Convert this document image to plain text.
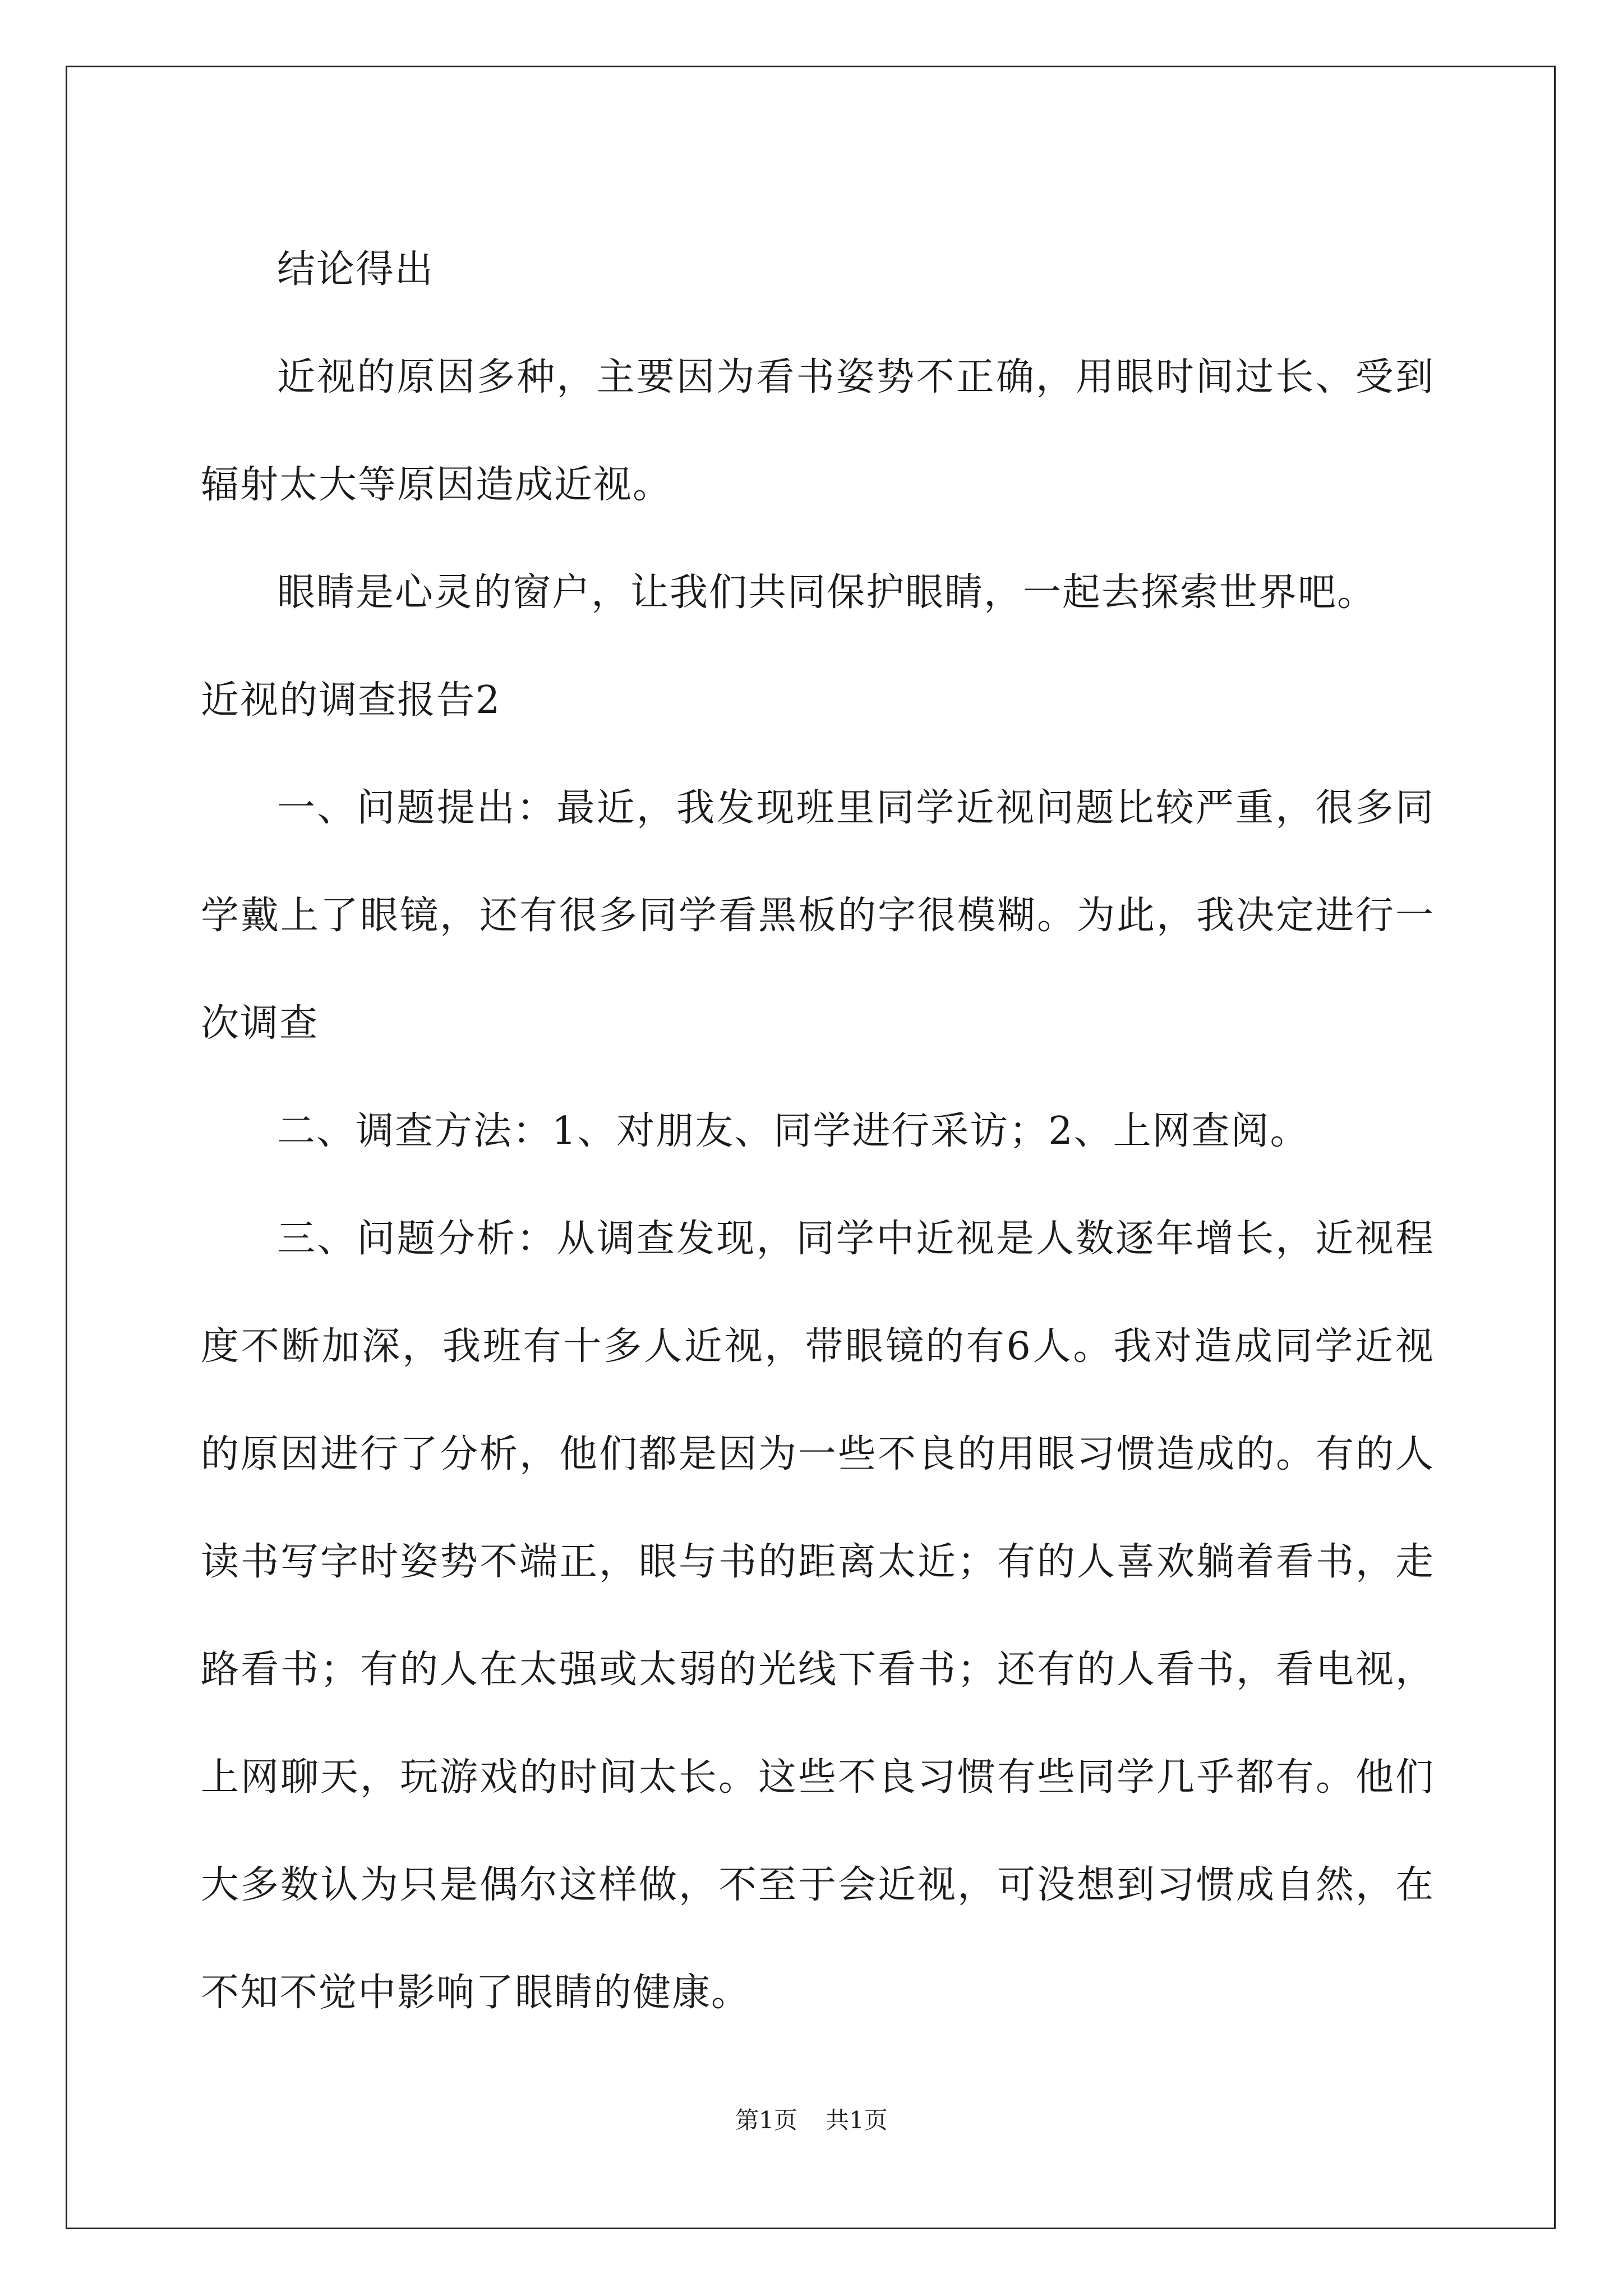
结论得出

近视的原因多种，主要因为看书姿势不正确，用眼时间过长、受到辐射太大等原因造成近视。

眼睛是心灵的窗户，让我们共同保护眼睛，一起去探索世界吧。

近视的调查报告2

一、问题提出：最近，我发现班里同学近视问题比较严重，很多同学戴上了眼镜，还有很多同学看黑板的字很模糊。为此，我决定进行一次调查

二、调查方法：1、对朋友、同学进行采访；2、上网查阅。

三、问题分析：从调查发现，同学中近视是人数逐年增长，近视程度不断加深，我班有十多人近视，带眼镜的有6人。我对造成同学近视的原因进行了分析，他们都是因为一些不良的用眼习惯造成的。有的人读书写字时姿势不端正，眼与书的距离太近；有的人喜欢躺着看书，走路看书；有的人在太强或太弱的光线下看书；还有的人看书，看电视，上网聊天，玩游戏的时间太长。这些不良习惯有些同学几乎都有。他们大多数认为只是偶尔这样做，不至于会近视，可没想到习惯成自然，在不知不觉中影响了眼睛的健康。

第1页 共1页
